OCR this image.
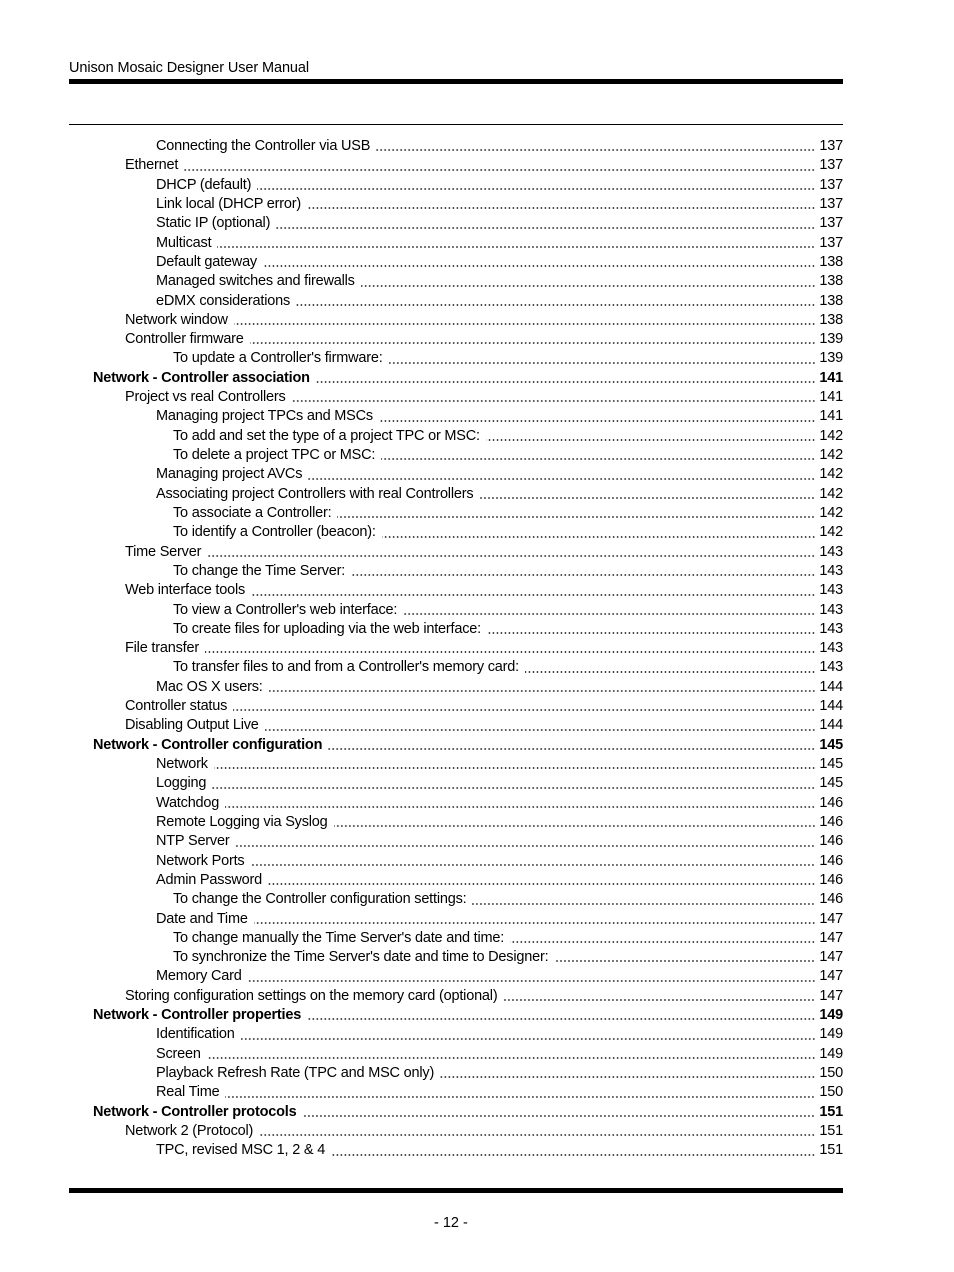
Unison Mosaic Designer User Manual
Connecting the Controller via USB	137
Ethernet	137
DHCP (default)	137
Link local (DHCP error)	137
Static IP (optional)	137
Multicast	137
Default gateway	138
Managed switches and firewalls	138
eDMX considerations	138
Network window	138
Controller firmware	139
To update a Controller's firmware:	139
Network - Controller association	141
Project vs real Controllers	141
Managing project TPCs and MSCs	141
To add and set the type of a project TPC or MSC:	142
To delete a project TPC or MSC:	142
Managing project AVCs	142
Associating project Controllers with real Controllers	142
To associate a Controller:	142
To identify a Controller (beacon):	142
Time Server	143
To change the Time Server:	143
Web interface tools	143
To view a Controller's web interface:	143
To create files for uploading via the web interface:	143
File transfer	143
To transfer files to and from a Controller's memory card:	143
Mac OS X users:	144
Controller status	144
Disabling Output Live	144
Network - Controller configuration	145
Network	145
Logging	145
Watchdog	146
Remote Logging via Syslog	146
NTP Server	146
Network Ports	146
Admin Password	146
To change the Controller configuration settings:	146
Date and Time	147
To change manually the Time Server's date and time:	147
To synchronize the Time Server's date and time to Designer:	147
Memory Card	147
Storing configuration settings on the memory card (optional)	147
Network - Controller properties	149
Identification	149
Screen	149
Playback Refresh Rate (TPC and MSC only)	150
Real Time	150
Network - Controller protocols	151
Network 2 (Protocol)	151
TPC, revised MSC 1, 2 & 4	151
- 12 -
